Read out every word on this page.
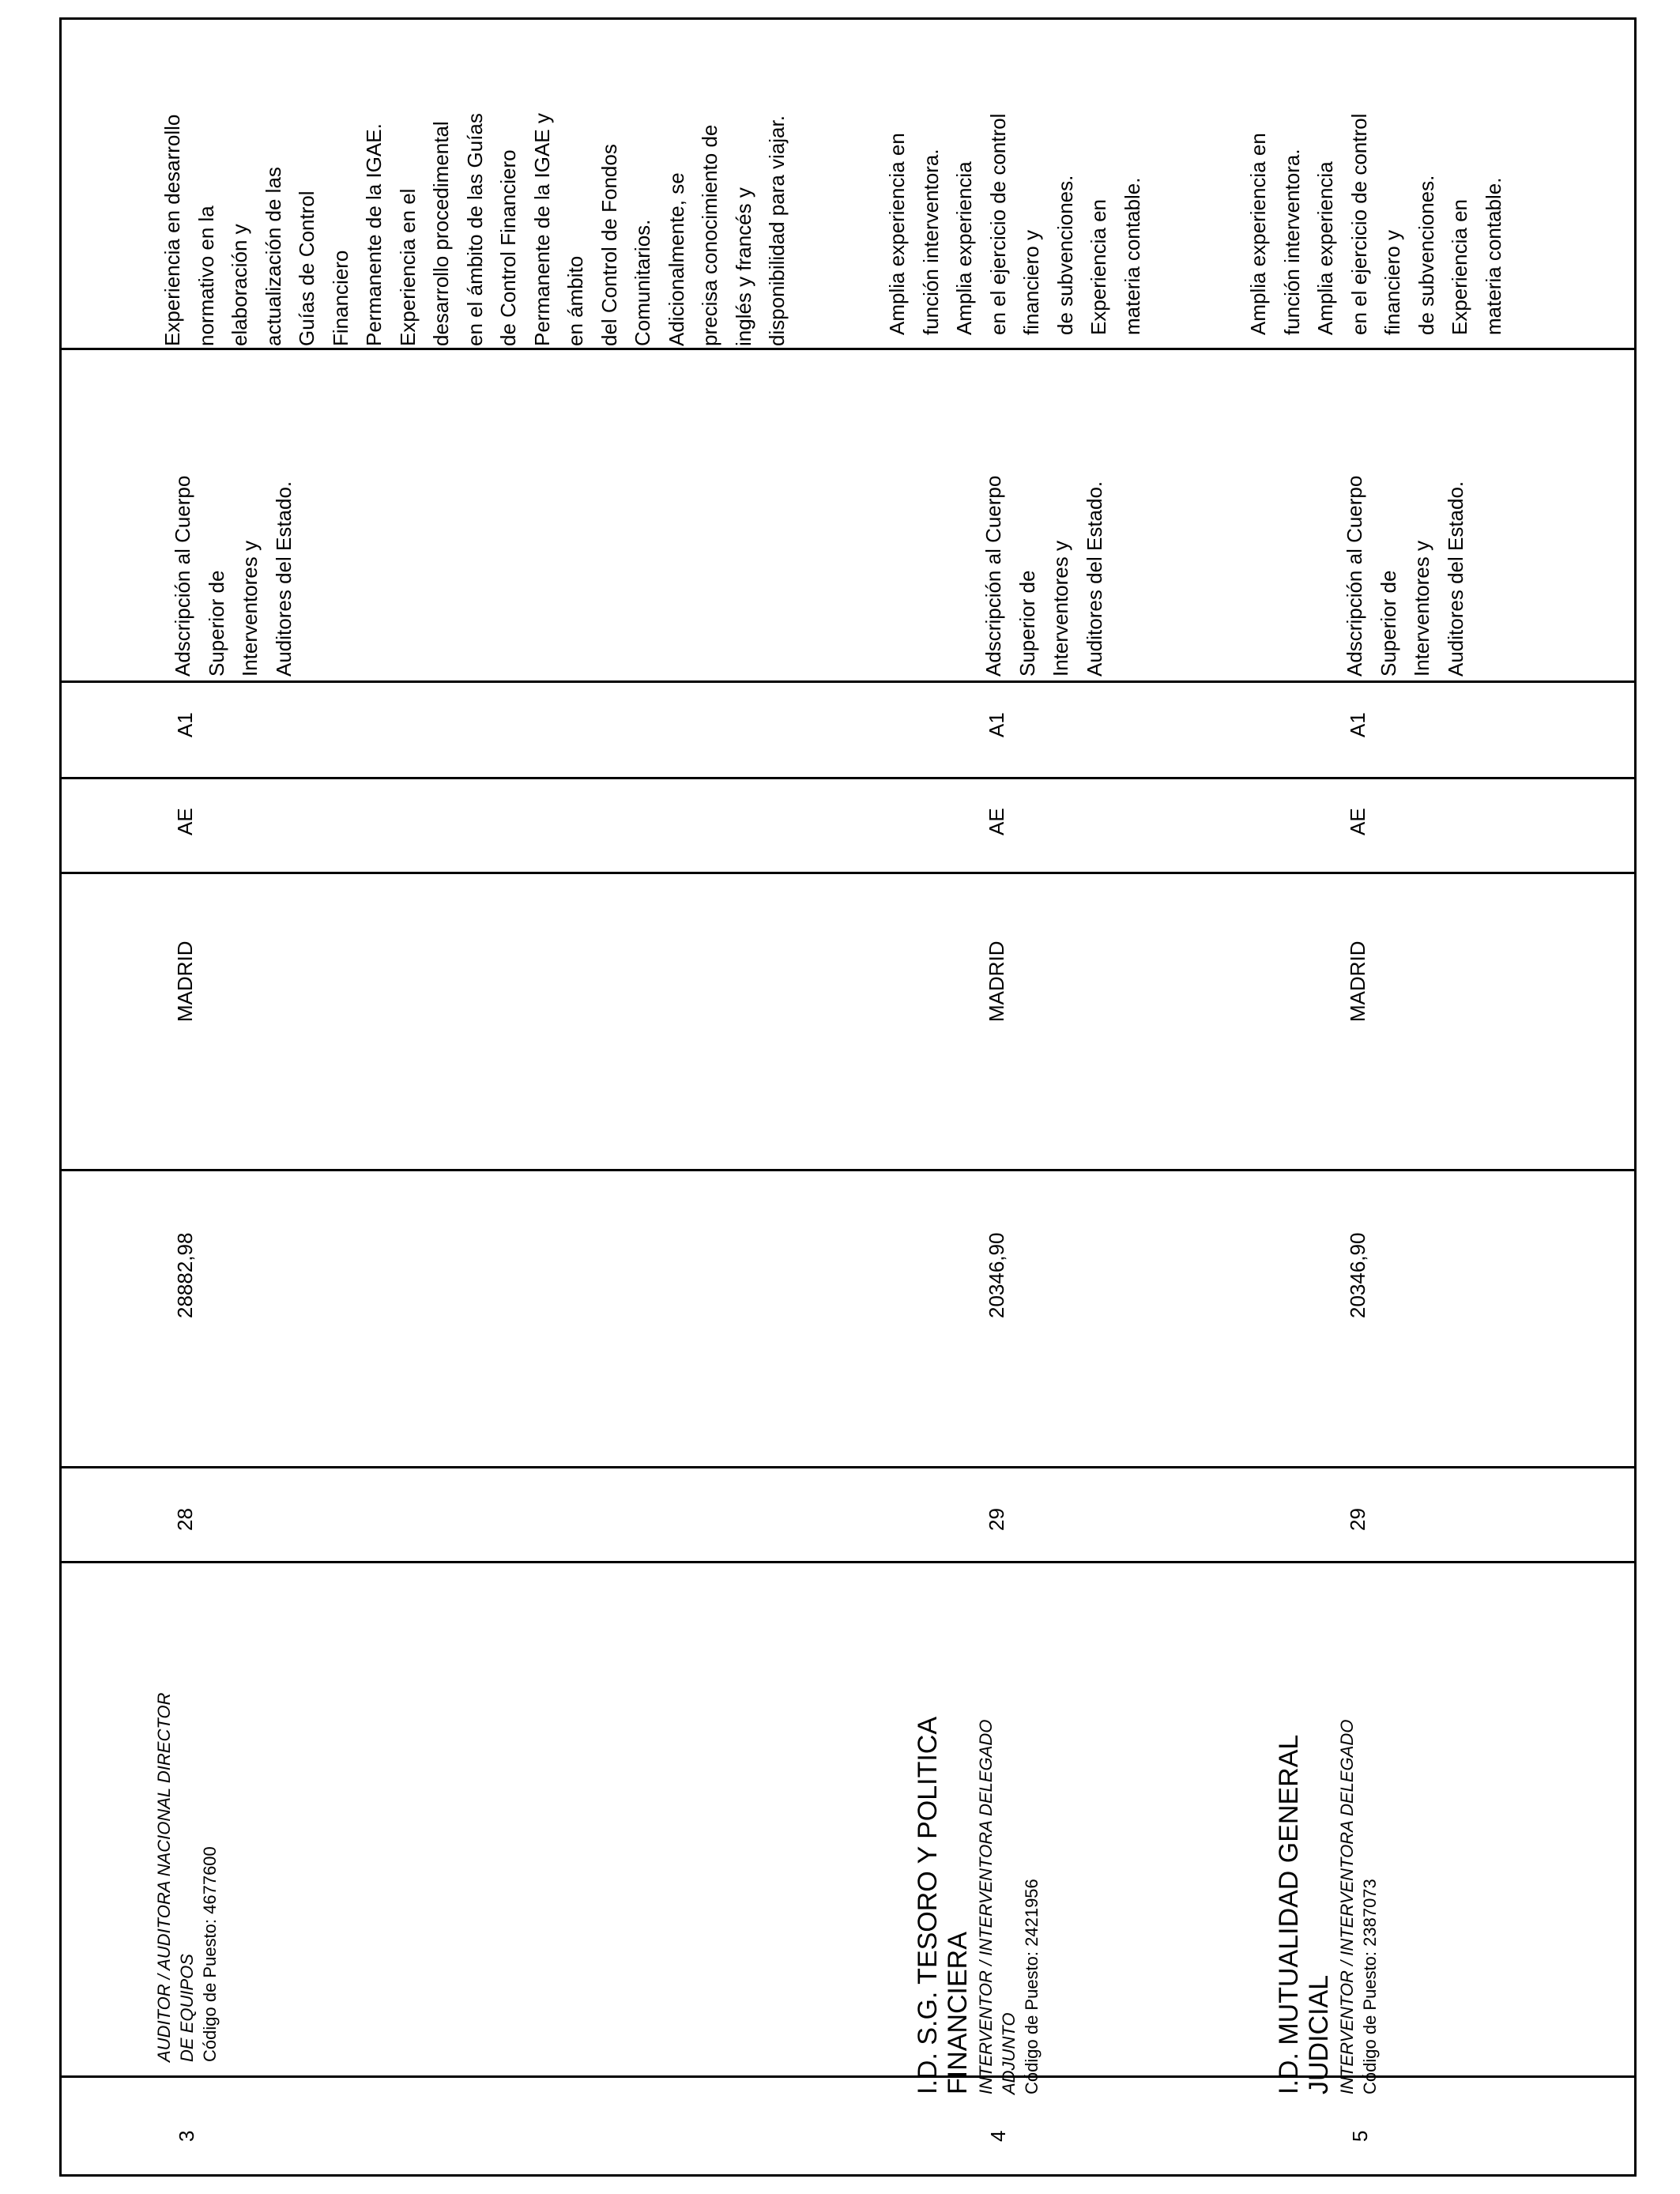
3
AUDITOR / AUDITORA NACIONAL DIRECTOR DE EQUIPOS Código de Puesto: 4677600
28
28882,98
MADRID
AE
A1
Adscripción al Cuerpo Superior de Interventores y Auditores del Estado.
Experiencia en desarrollo normativo en la elaboración y actualización de las Guías de Control Financiero Permanente de la IGAE. Experiencia en el desarrollo procedimental en el ámbito de las Guías de Control Financiero Permanente de la IGAE y en ámbito del Control de Fondos Comunitarios. Adicionalmente, se precisa conocimiento de inglés y francés y disponibilidad para viajar.
4
I.D. S.G. TESORO Y POLITICA FINANCIERA INTERVENTOR / INTERVENTORA DELEGADO ADJUNTO Código de Puesto: 2421956
29
20346,90
MADRID
AE
A1
Adscripción al Cuerpo Superior de Interventores y Auditores del Estado.
Amplia experiencia en función interventora. Amplia experiencia en el ejercicio de control financiero y de subvenciones. Experiencia en materia contable.
5
I.D. MUTUALIDAD GENERAL JUDICIAL INTERVENTOR / INTERVENTORA DELEGADO Código de Puesto: 2387073
29
20346,90
MADRID
AE
A1
Adscripción al Cuerpo Superior de Interventores y Auditores del Estado.
Amplia experiencia en función interventora. Amplia experiencia en el ejercicio de control financiero y de subvenciones. Experiencia en materia contable.
